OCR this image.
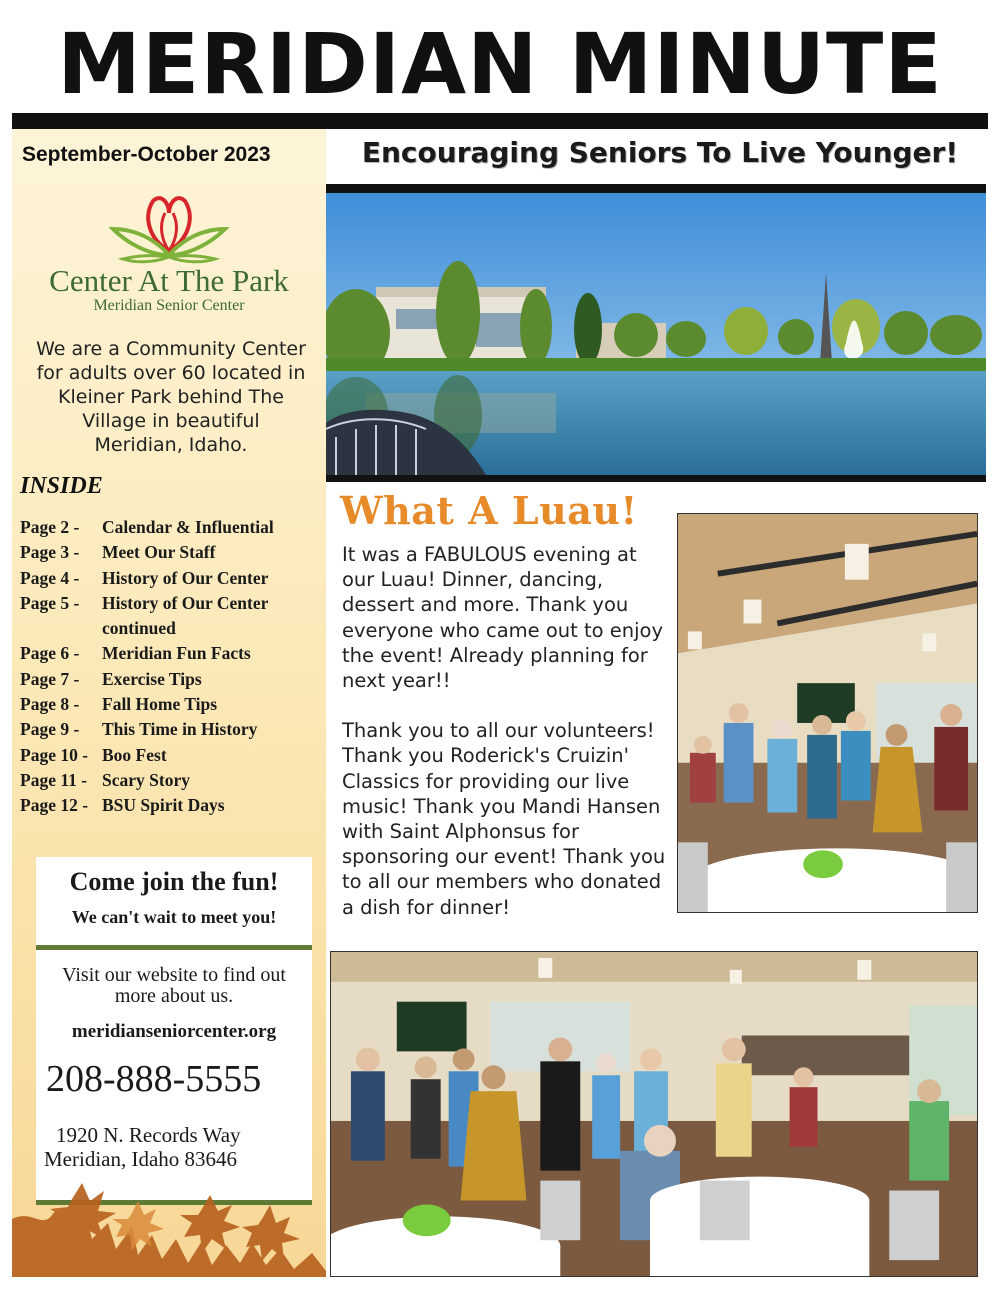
MERIDIAN MINUTE
September-October 2023
Center At The Park
Meridian Senior Center
We are a Community Center for adults over 60 located in Kleiner Park behind The Village in beautiful Meridian, Idaho.
INSIDE
Page 2 -	Calendar & Influential
Page 3 -	Meet Our Staff
Page 4 -	History of Our Center
Page 5 -	History of Our Center
continued
Page 6 -	Meridian Fun Facts
Page 7 -	Exercise Tips
Page 8 -	Fall Home Tips
Page 9 -	This Time in History
Page 10 - Boo Fest
Page 11 - Scary Story
Page 12 - BSU Spirit Days
Come join the fun!
We can't wait to meet you!
Visit our website to find out more about us.
meridianseniorcenter.org
208-888-5555
1920 N. Records Way
Meridian, Idaho 83646
Encouraging Seniors To Live Younger!
What A Luau!

It was a FABULOUS evening at our Luau! Dinner, dancing, dessert and more. Thank you everyone who came out to enjoy the event! Already planning for next year!!

Thank you to all our volunteers! Thank you Roderick's Cruizin' Classics for providing our live music! Thank you Mandi Hansen with Saint Alphonsus for sponsoring our event! Thank you to all our members who donated a dish for dinner!
